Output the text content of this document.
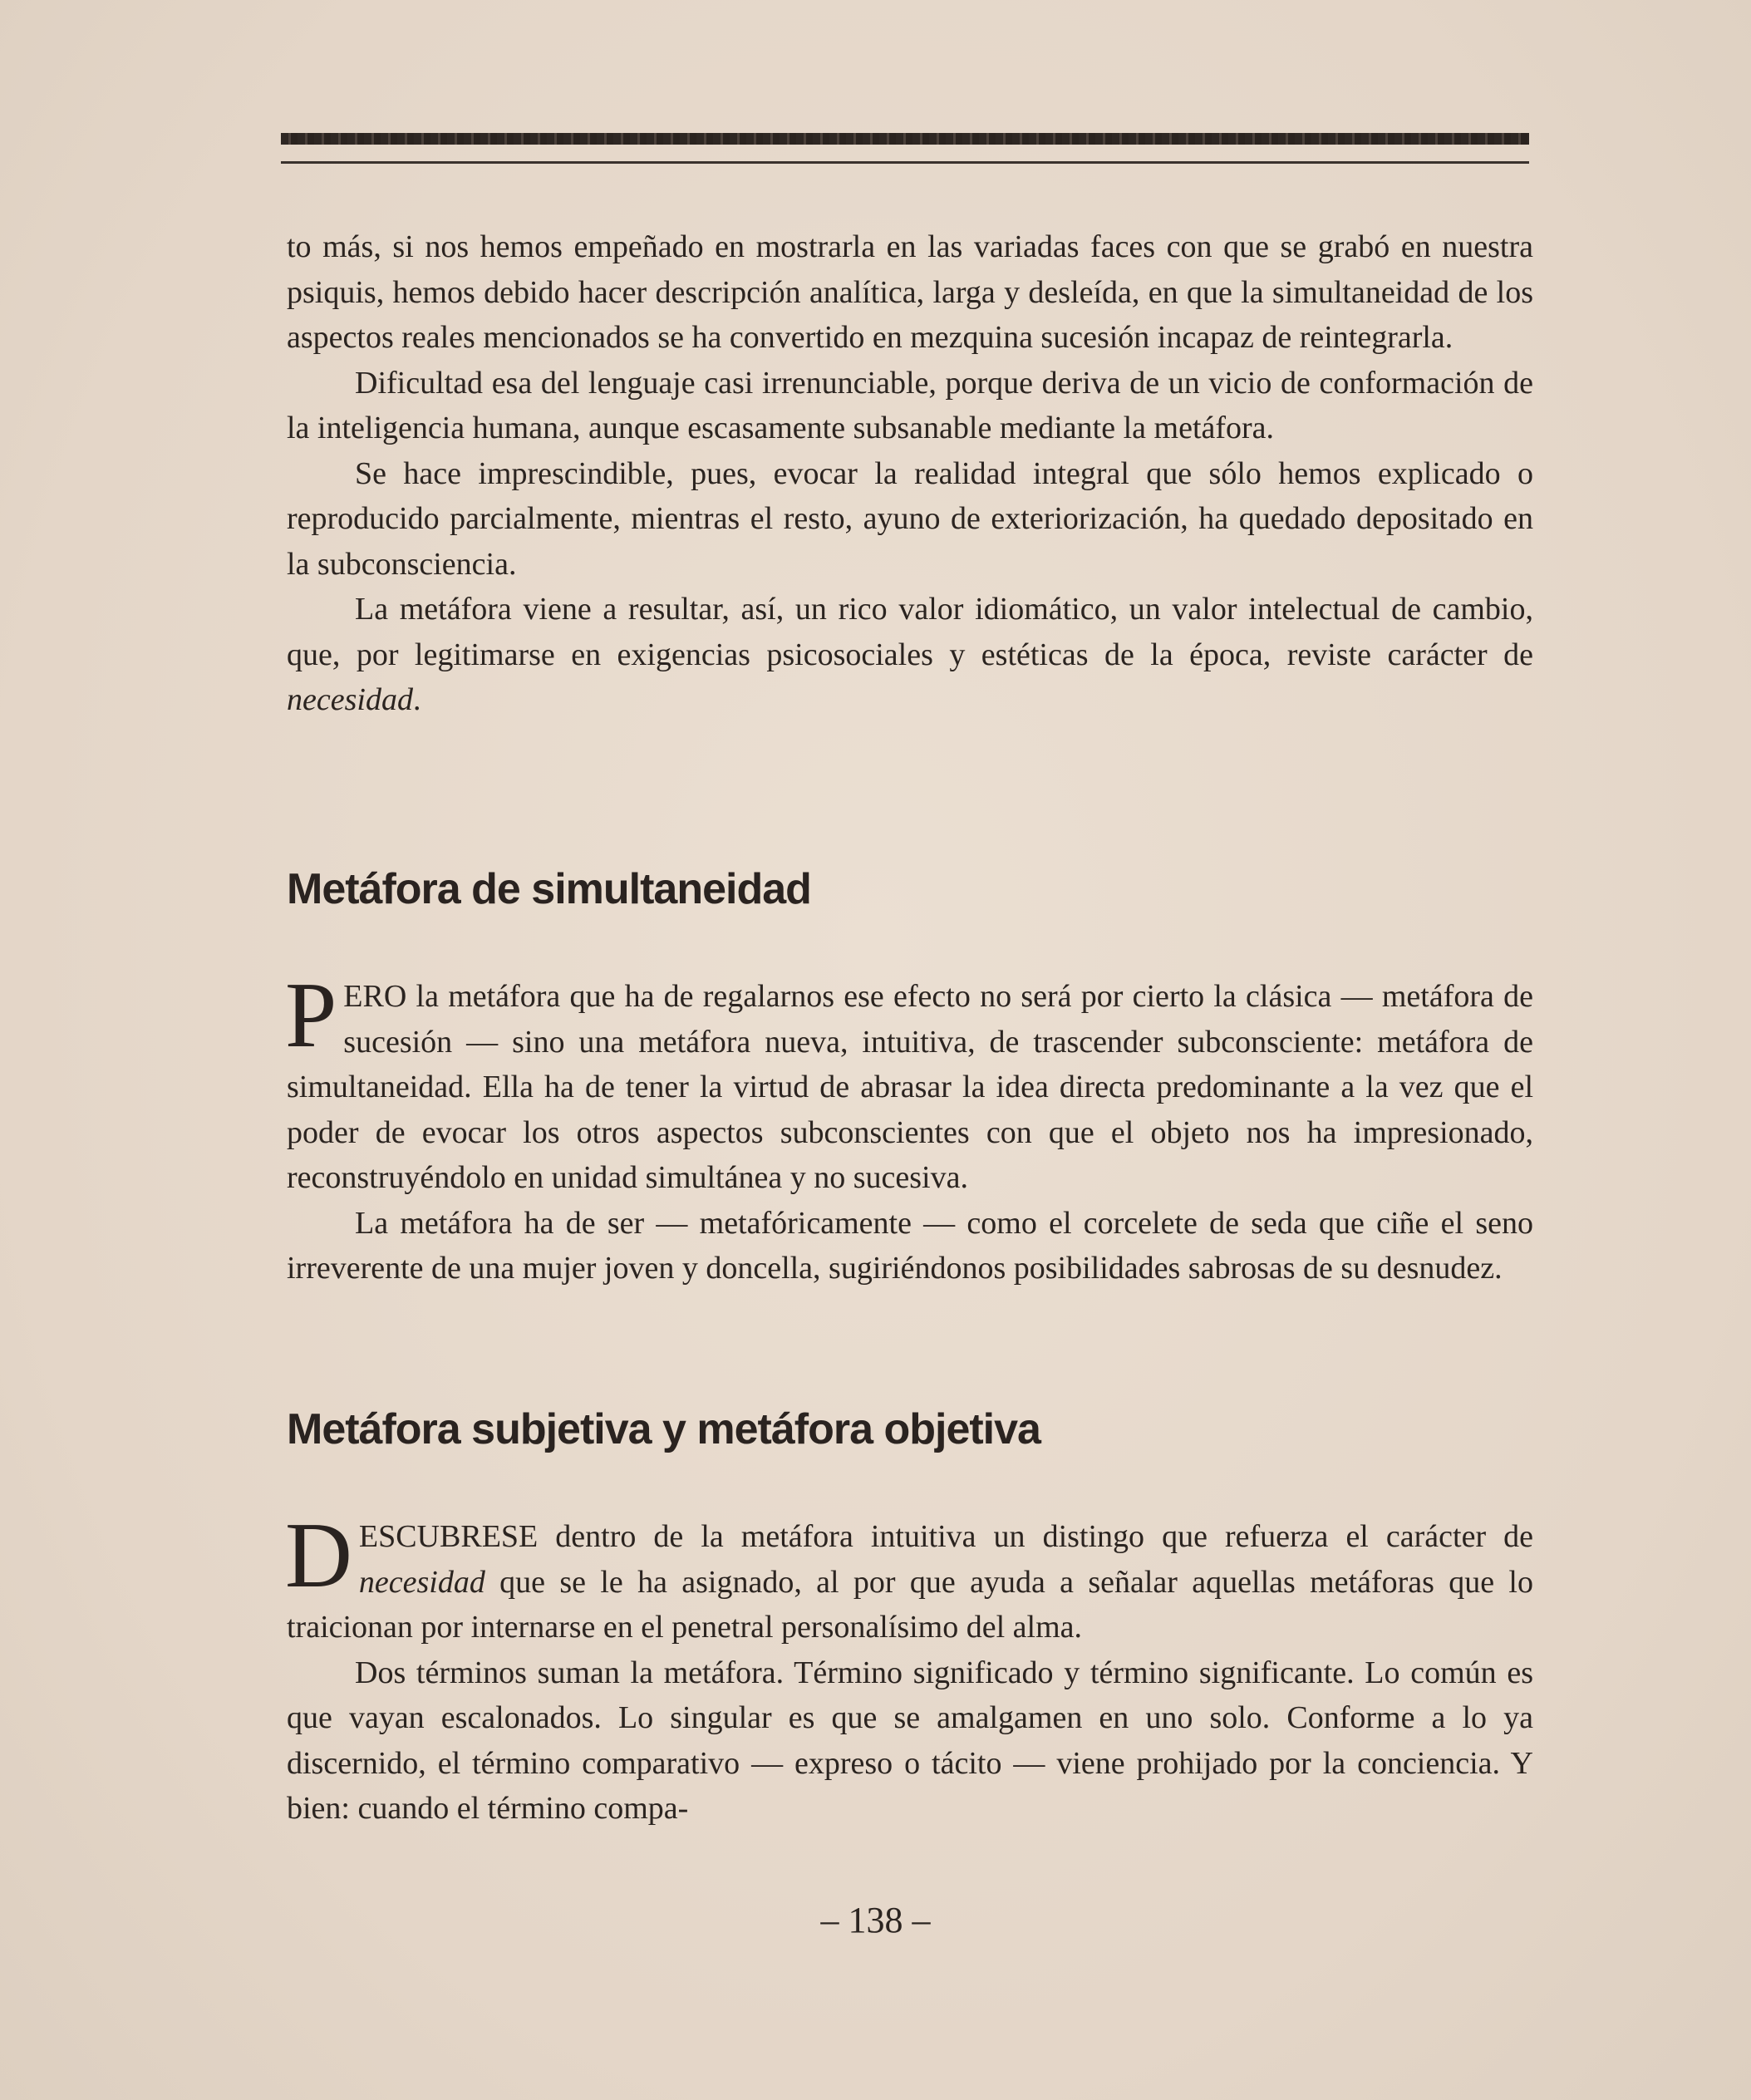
to más, si nos hemos empeñado en mostrarla en las variadas faces con que se grabó en nuestra psiquis, hemos debido hacer descripción analítica, larga y desleída, en que la simultaneidad de los aspectos reales mencionados se ha convertido en mezquina sucesión incapaz de reintegrarla.

Dificultad esa del lenguaje casi irrenunciable, porque deriva de un vicio de conformación de la inteligencia humana, aunque escasamente subsanable mediante la metáfora.

Se hace imprescindible, pues, evocar la realidad integral que sólo hemos explicado o reproducido parcialmente, mientras el resto, ayuno de exteriorización, ha quedado depositado en la subconsciencia.

La metáfora viene a resultar, así, un rico valor idiomático, un valor intelectual de cambio, que, por legitimarse en exigencias psicosociales y estéticas de la época, reviste carácter de necesidad.

Metáfora de simultaneidad

PERO la metáfora que ha de regalarnos ese efecto no será por cierto la clásica — metáfora de sucesión — sino una metáfora nueva, intuitiva, de trascender subconsciente: metáfora de simultaneidad. Ella ha de tener la virtud de abrasar la idea directa predominante a la vez que el poder de evocar los otros aspectos subconscientes con que el objeto nos ha impresionado, reconstruyéndolo en unidad simultánea y no sucesiva.

La metáfora ha de ser — metafóricamente — como el corcelete de seda que ciñe el seno irreverente de una mujer joven y doncella, sugiriéndonos posibilidades sabrosas de su desnudez.

Metáfora subjetiva y metáfora objetiva

DESCUBRESE dentro de la metáfora intuitiva un distingo que refuerza el carácter de necesidad que se le ha asignado, al por que ayuda a señalar aquellas metáforas que lo traicionan por internarse en el penetral personalísimo del alma.

Dos términos suman la metáfora. Término significado y término significante. Lo común es que vayan escalonados. Lo singular es que se amalgamen en uno solo. Conforme a lo ya discernido, el término comparativo — expreso o tácito — viene prohijado por la conciencia. Y bien: cuando el término compa-

– 138 –
